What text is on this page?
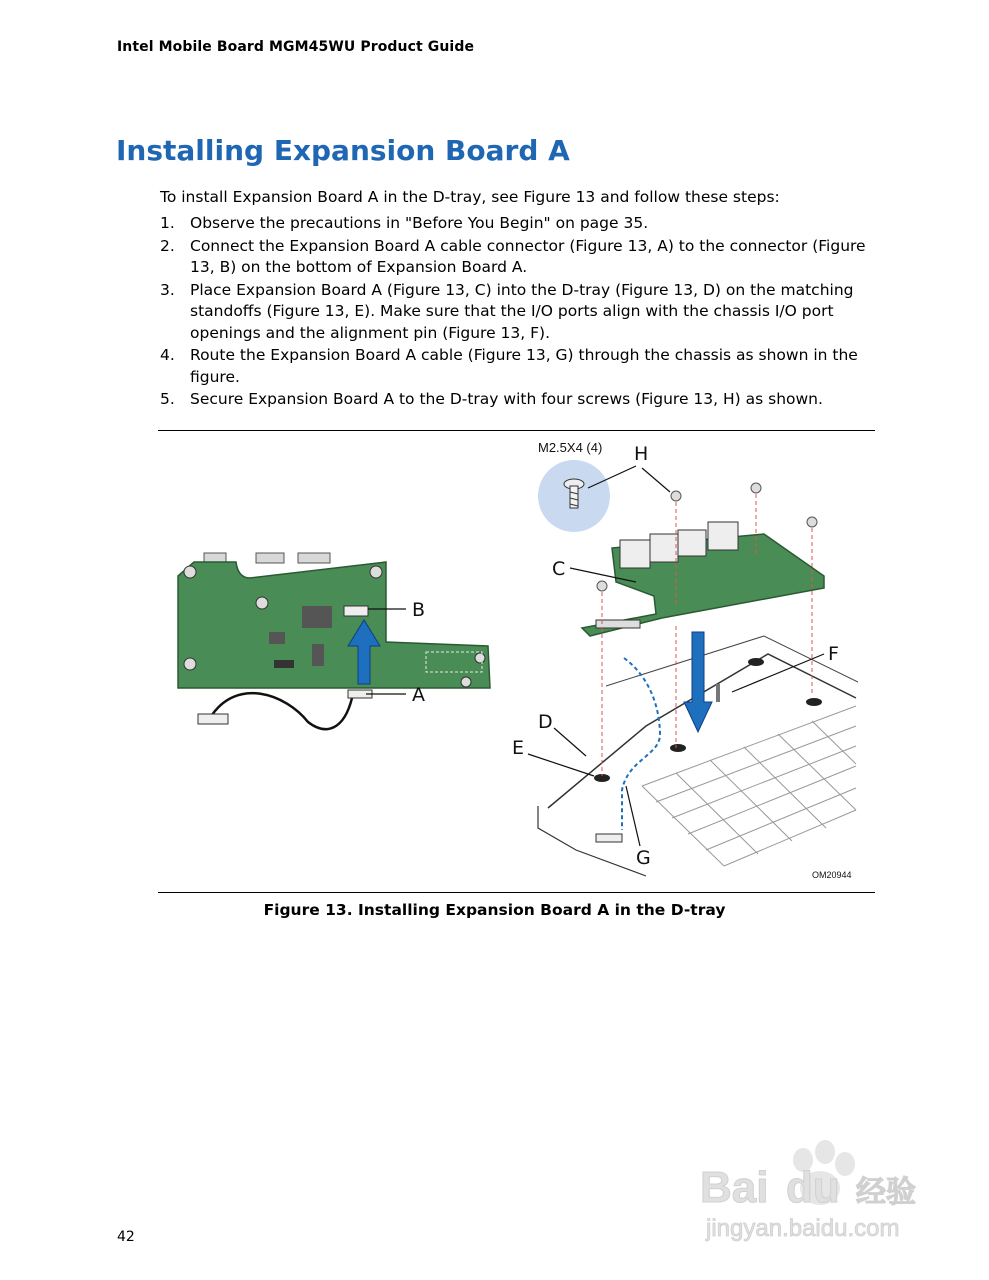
Intel Mobile Board MGM45WU Product Guide
Installing Expansion Board A

To install Expansion Board A in the D-tray, see Figure 13 and follow these steps:

1. Observe the precautions in "Before You Begin" on page 35.
2. Connect the Expansion Board A cable connector (Figure 13, A) to the connector (Figure 13, B) on the bottom of Expansion Board A.
3. Place Expansion Board A (Figure 13, C) into the D-tray (Figure 13, D) on the matching standoffs (Figure 13, E). Make sure that the I/O ports align with the chassis I/O port openings and the alignment pin (Figure 13, F).
4. Route the Expansion Board A cable (Figure 13, G) through the chassis as shown in the figure.
5. Secure Expansion Board A to the D-tray with four screws (Figure 13, H) as shown.
B
A
M2.5X4 (4) H
C
F
D
E
G
OM20944
Figure 13. Installing Expansion Board A in the D-tray
42
Bai du 经验
jingyan.baidu.com
